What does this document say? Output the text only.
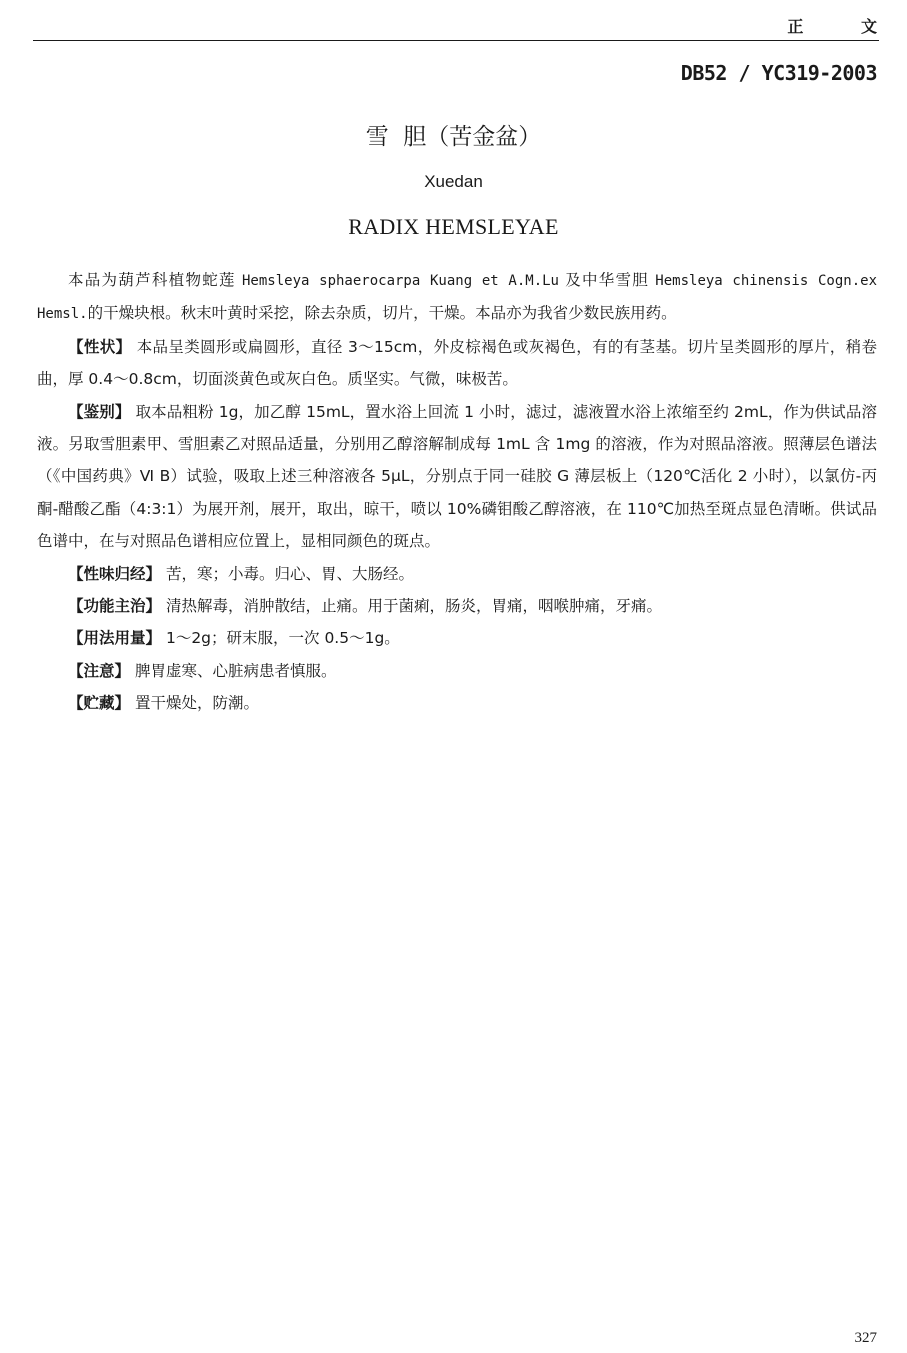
正 文
DB52 / YC319-2003
雪  胆（苦金盆）
Xuedan
RADIX HEMSLEYAE

本品为葫芦科植物蛇莲 Hemsleya sphaerocarpa Kuang et A.M.Lu 及中华雪胆 Hemsleya chinensis Cogn.ex Hemsl.的干燥块根。秋末叶黄时采挖，除去杂质，切片，干燥。本品亦为我省少数民族用药。

【性状】 本品呈类圆形或扁圆形，直径 3～15cm，外皮棕褐色或灰褐色，有的有茎基。切片呈类圆形的厚片，稍卷曲，厚 0.4～0.8cm，切面淡黄色或灰白色。质坚实。气微，味极苦。

【鉴别】 取本品粗粉 1g，加乙醇 15mL，置水浴上回流 1 小时，滤过，滤液置水浴上浓缩至约 2mL，作为供试品溶液。另取雪胆素甲、雪胆素乙对照品适量，分别用乙醇溶解制成每 1mL 含 1mg 的溶液，作为对照品溶液。照薄层色谱法（《中国药典》Ⅵ B）试验，吸取上述三种溶液各 5μL，分别点于同一硅胶 G 薄层板上（120℃活化 2 小时），以氯仿-丙酮-醋酸乙酯（4:3:1）为展开剂，展开，取出，晾干，喷以 10%磷钼酸乙醇溶液，在 110℃加热至斑点显色清晰。供试品色谱中，在与对照品色谱相应位置上，显相同颜色的斑点。

【性味归经】 苦，寒；小毒。归心、胃、大肠经。

【功能主治】 清热解毒，消肿散结，止痛。用于菌痢，肠炎，胃痛，咽喉肿痛，牙痛。

【用法用量】 1～2g；研末服，一次 0.5～1g。

【注意】 脾胃虚寒、心脏病患者慎服。

【贮藏】 置干燥处，防潮。

327
